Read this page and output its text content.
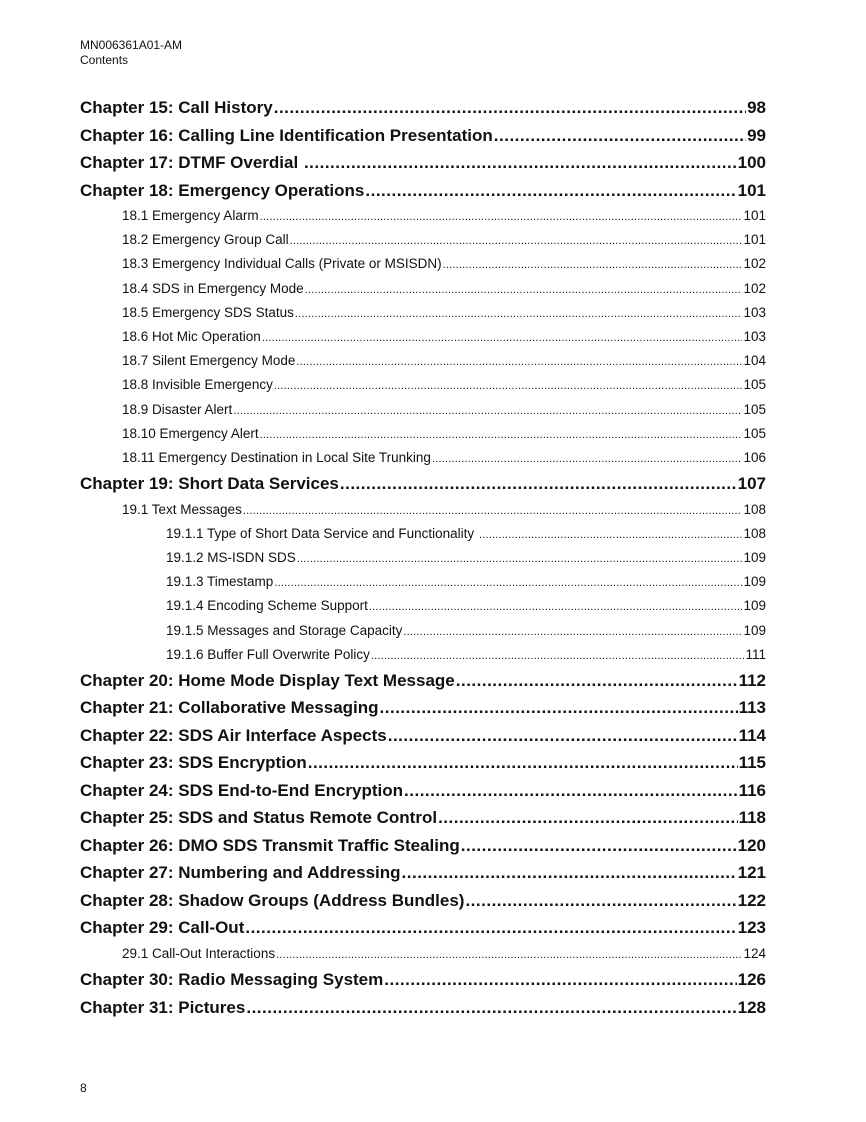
MN006361A01-AM
Contents
Chapter 15: Call History .....	98
Chapter 16: Calling Line Identification Presentation .....	99
Chapter 17: DTMF Overdial .....	100
Chapter 18: Emergency Operations .....	101
18.1 Emergency Alarm .....	101
18.2 Emergency Group Call .....	101
18.3 Emergency Individual Calls (Private or MSISDN) .....	102
18.4 SDS in Emergency Mode .....	102
18.5 Emergency SDS Status .....	103
18.6 Hot Mic Operation .....	103
18.7 Silent Emergency Mode .....	104
18.8 Invisible Emergency .....	105
18.9 Disaster Alert .....	105
18.10 Emergency Alert .....	105
18.11 Emergency Destination in Local Site Trunking .....	106
Chapter 19: Short Data Services .....	107
19.1 Text Messages .....	108
19.1.1 Type of Short Data Service and Functionality .....	108
19.1.2 MS-ISDN SDS .....	109
19.1.3 Timestamp .....	109
19.1.4 Encoding Scheme Support .....	109
19.1.5 Messages and Storage Capacity .....	109
19.1.6 Buffer Full Overwrite Policy .....	111
Chapter 20: Home Mode Display Text Message .....	112
Chapter 21: Collaborative Messaging .....	113
Chapter 22: SDS Air Interface Aspects .....	114
Chapter 23: SDS Encryption .....	115
Chapter 24: SDS End-to-End Encryption .....	116
Chapter 25: SDS and Status Remote Control .....	118
Chapter 26: DMO SDS Transmit Traffic Stealing .....	120
Chapter 27: Numbering and Addressing .....	121
Chapter 28: Shadow Groups (Address Bundles) .....	122
Chapter 29: Call-Out .....	123
29.1 Call-Out Interactions .....	124
Chapter 30: Radio Messaging System .....	126
Chapter 31: Pictures .....	128
8
